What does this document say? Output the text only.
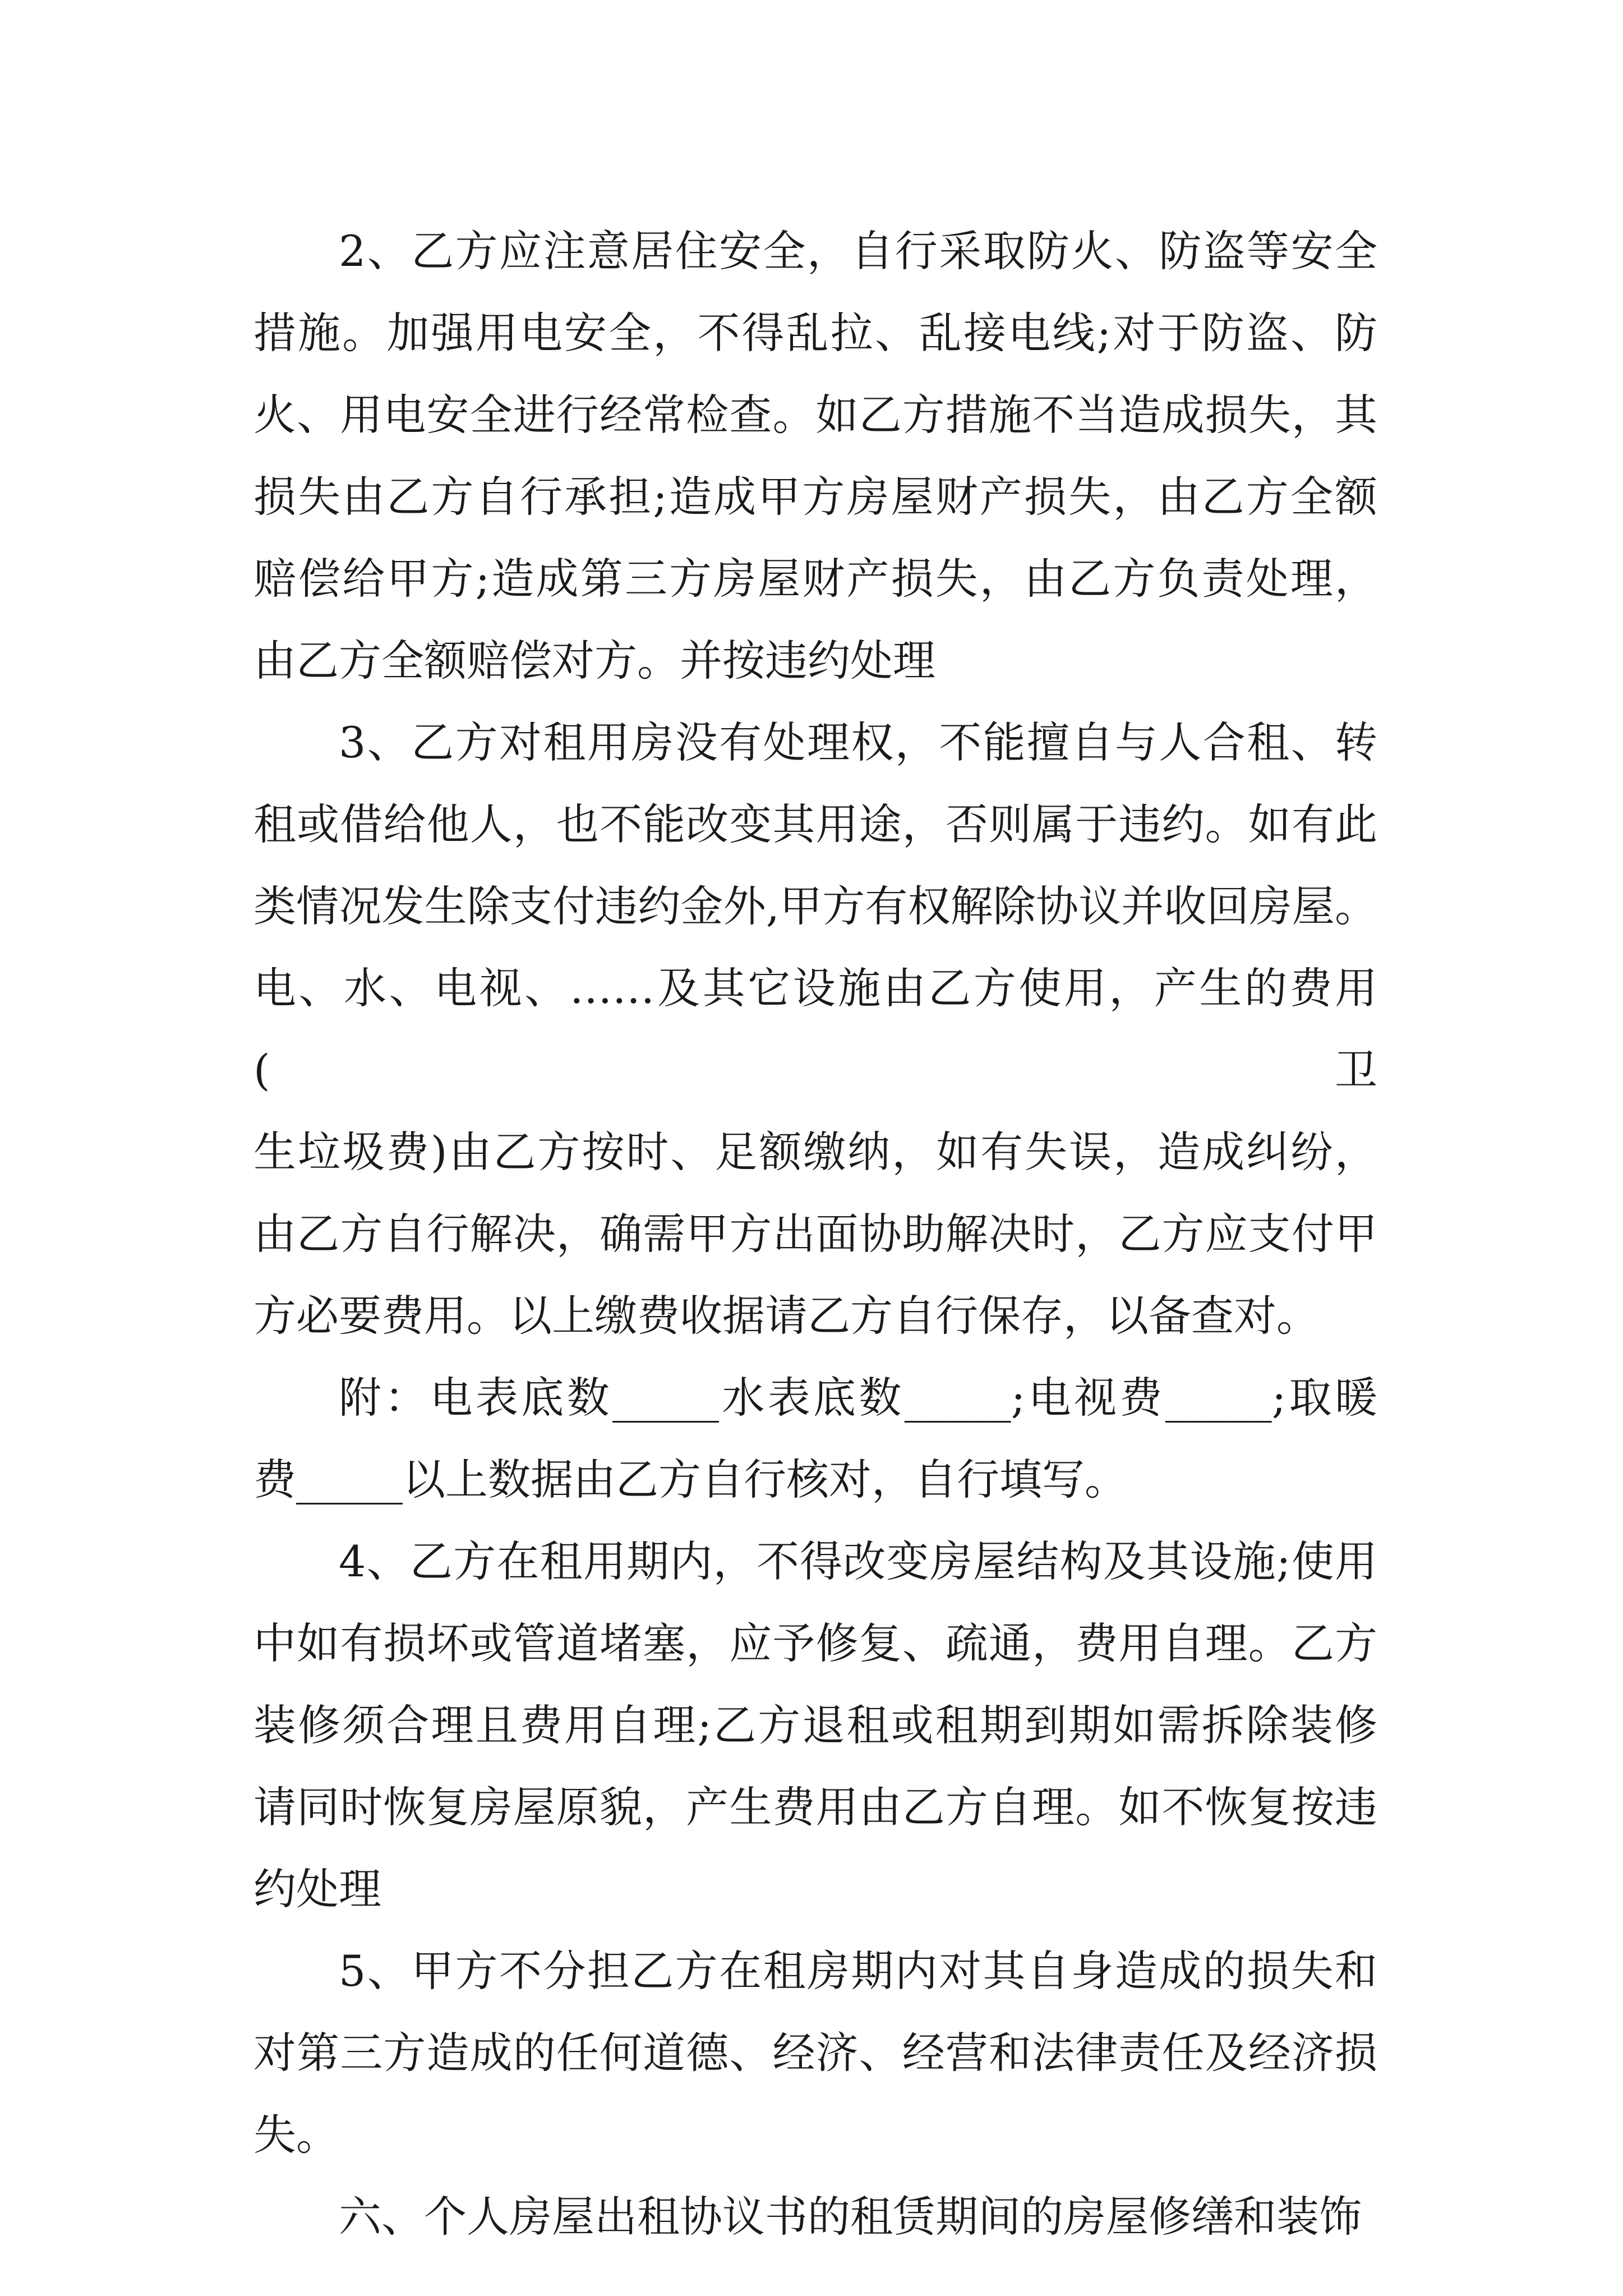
2、乙方应注意居住安全，自行采取防火、防盗等安全
措施。加强用电安全，不得乱拉、乱接电线;对于防盗、防
火、用电安全进行经常检查。如乙方措施不当造成损失，其
损失由乙方自行承担;造成甲方房屋财产损失，由乙方全额
赔偿给甲方;造成第三方房屋财产损失，由乙方负责处理，
由乙方全额赔偿对方。并按违约处理

3、乙方对租用房没有处理权，不能擅自与人合租、转
租或借给他人，也不能改变其用途，否则属于违约。如有此
类情况发生除支付违约金外,甲方有权解除协议并收回房屋。
电、水、电视、……及其它设施由乙方使用，产生的费用(卫
生垃圾费)由乙方按时、足额缴纳，如有失误，造成纠纷，
由乙方自行解决，确需甲方出面协助解决时，乙方应支付甲
方必要费用。以上缴费收据请乙方自行保存，以备查对。

附：电表底数_____水表底数_____;电视费_____;取暖
费_____以上数据由乙方自行核对，自行填写。

4、乙方在租用期内，不得改变房屋结构及其设施;使用
中如有损坏或管道堵塞，应予修复、疏通，费用自理。乙方
装修须合理且费用自理;乙方退租或租期到期如需拆除装修
请同时恢复房屋原貌，产生费用由乙方自理。如不恢复按违
约处理

5、甲方不分担乙方在租房期内对其自身造成的损失和
对第三方造成的任何道德、经济、经营和法律责任及经济损
失。

六、个人房屋出租协议书的租赁期间的房屋修缮和装饰
